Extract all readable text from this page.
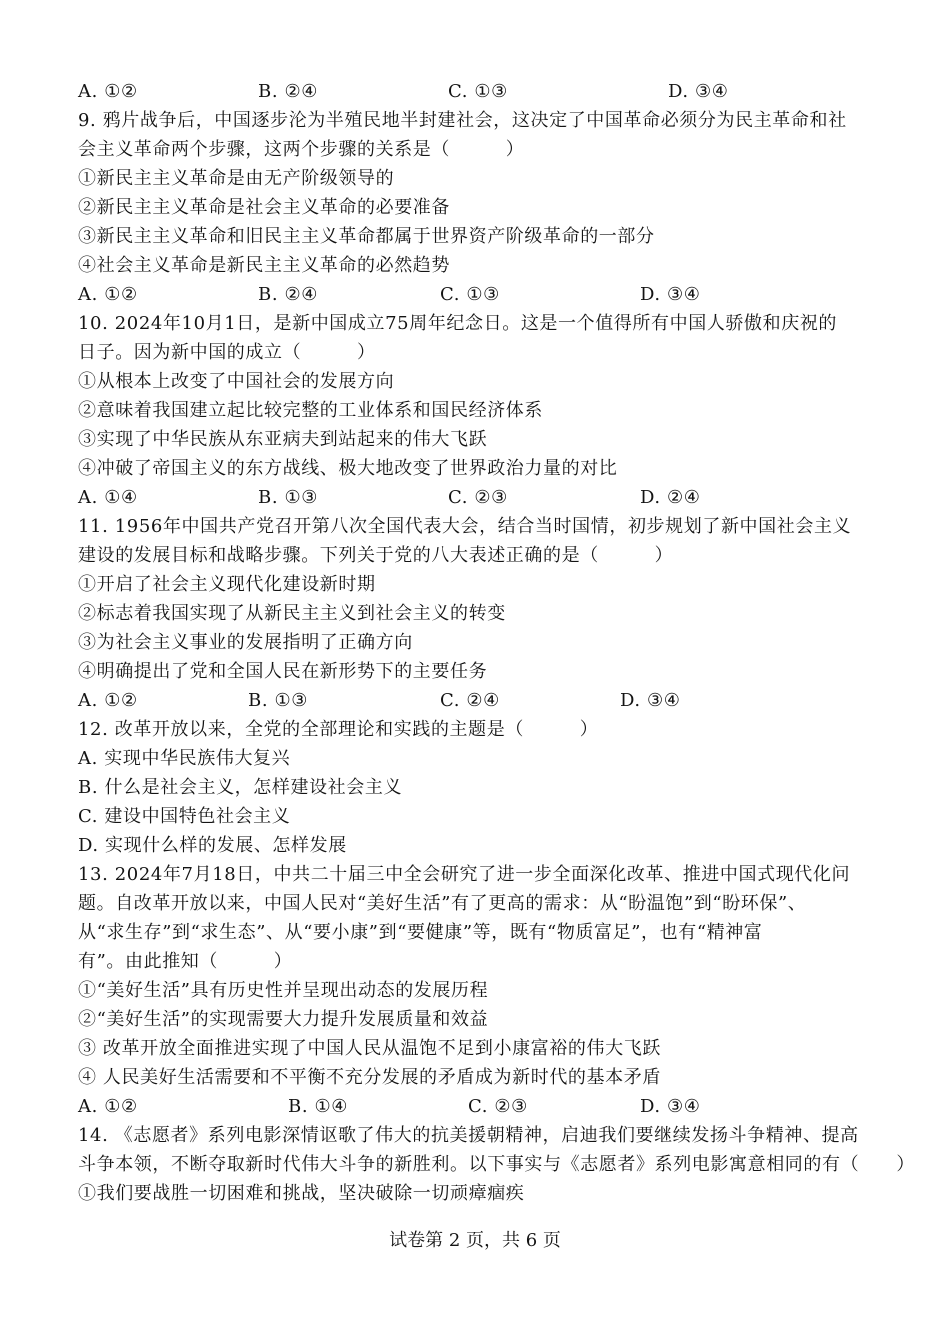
A. ①②	B. ②④	C. ①③	D. ③④
9. 鸦片战争后，中国逐步沦为半殖民地半封建社会，这决定了中国革命必须分为民主革命和社
会主义革命两个步骤，这两个步骤的关系是（　　　）
①新民主主义革命是由无产阶级领导的
②新民主主义革命是社会主义革命的必要准备
③新民主主义革命和旧民主主义革命都属于世界资产阶级革命的一部分
④社会主义革命是新民主主义革命的必然趋势
A. ①②	B. ②④	C. ①③	D. ③④
10. 2024年10月1日，是新中国成立75周年纪念日。这是一个值得所有中国人骄傲和庆祝的
日子。因为新中国的成立（　　　）
①从根本上改变了中国社会的发展方向
②意味着我国建立起比较完整的工业体系和国民经济体系
③实现了中华民族从东亚病夫到站起来的伟大飞跃
④冲破了帝国主义的东方战线、极大地改变了世界政治力量的对比
A. ①④	B. ①③	C. ②③	D. ②④
11. 1956年中国共产党召开第八次全国代表大会，结合当时国情，初步规划了新中国社会主义
建设的发展目标和战略步骤。下列关于党的八大表述正确的是（　　　）
①开启了社会主义现代化建设新时期
②标志着我国实现了从新民主主义到社会主义的转变
③为社会主义事业的发展指明了正确方向
④明确提出了党和全国人民在新形势下的主要任务
A. ①②	B. ①③	C. ②④	D. ③④
12. 改革开放以来，全党的全部理论和实践的主题是（　　　）
A. 实现中华民族伟大复兴
B. 什么是社会主义，怎样建设社会主义
C. 建设中国特色社会主义
D. 实现什么样的发展、怎样发展
13. 2024年7月18日，中共二十届三中全会研究了进一步全面深化改革、推进中国式现代化问
题。自改革开放以来，中国人民对“美好生活”有了更高的需求：从“盼温饱”到“盼环保”、
从“求生存”到“求生态”、从“要小康”到“要健康”等，既有“物质富足”，也有“精神富
有”。由此推知（　　　）
①“美好生活”具有历史性并呈现出动态的发展历程
②“美好生活”的实现需要大力提升发展质量和效益
③ 改革开放全面推进实现了中国人民从温饱不足到小康富裕的伟大飞跃
④ 人民美好生活需要和不平衡不充分发展的矛盾成为新时代的基本矛盾
A. ①②	B. ①④	C. ②③	D. ③④
14. 《志愿者》系列电影深情讴歌了伟大的抗美援朝精神，启迪我们要继续发扬斗争精神、提高
斗争本领，不断夺取新时代伟大斗争的新胜利。以下事实与《志愿者》系列电影寓意相同的有（　　）
①我们要战胜一切困难和挑战，坚决破除一切顽瘴痼疾
试卷第 2 页，共 6 页
